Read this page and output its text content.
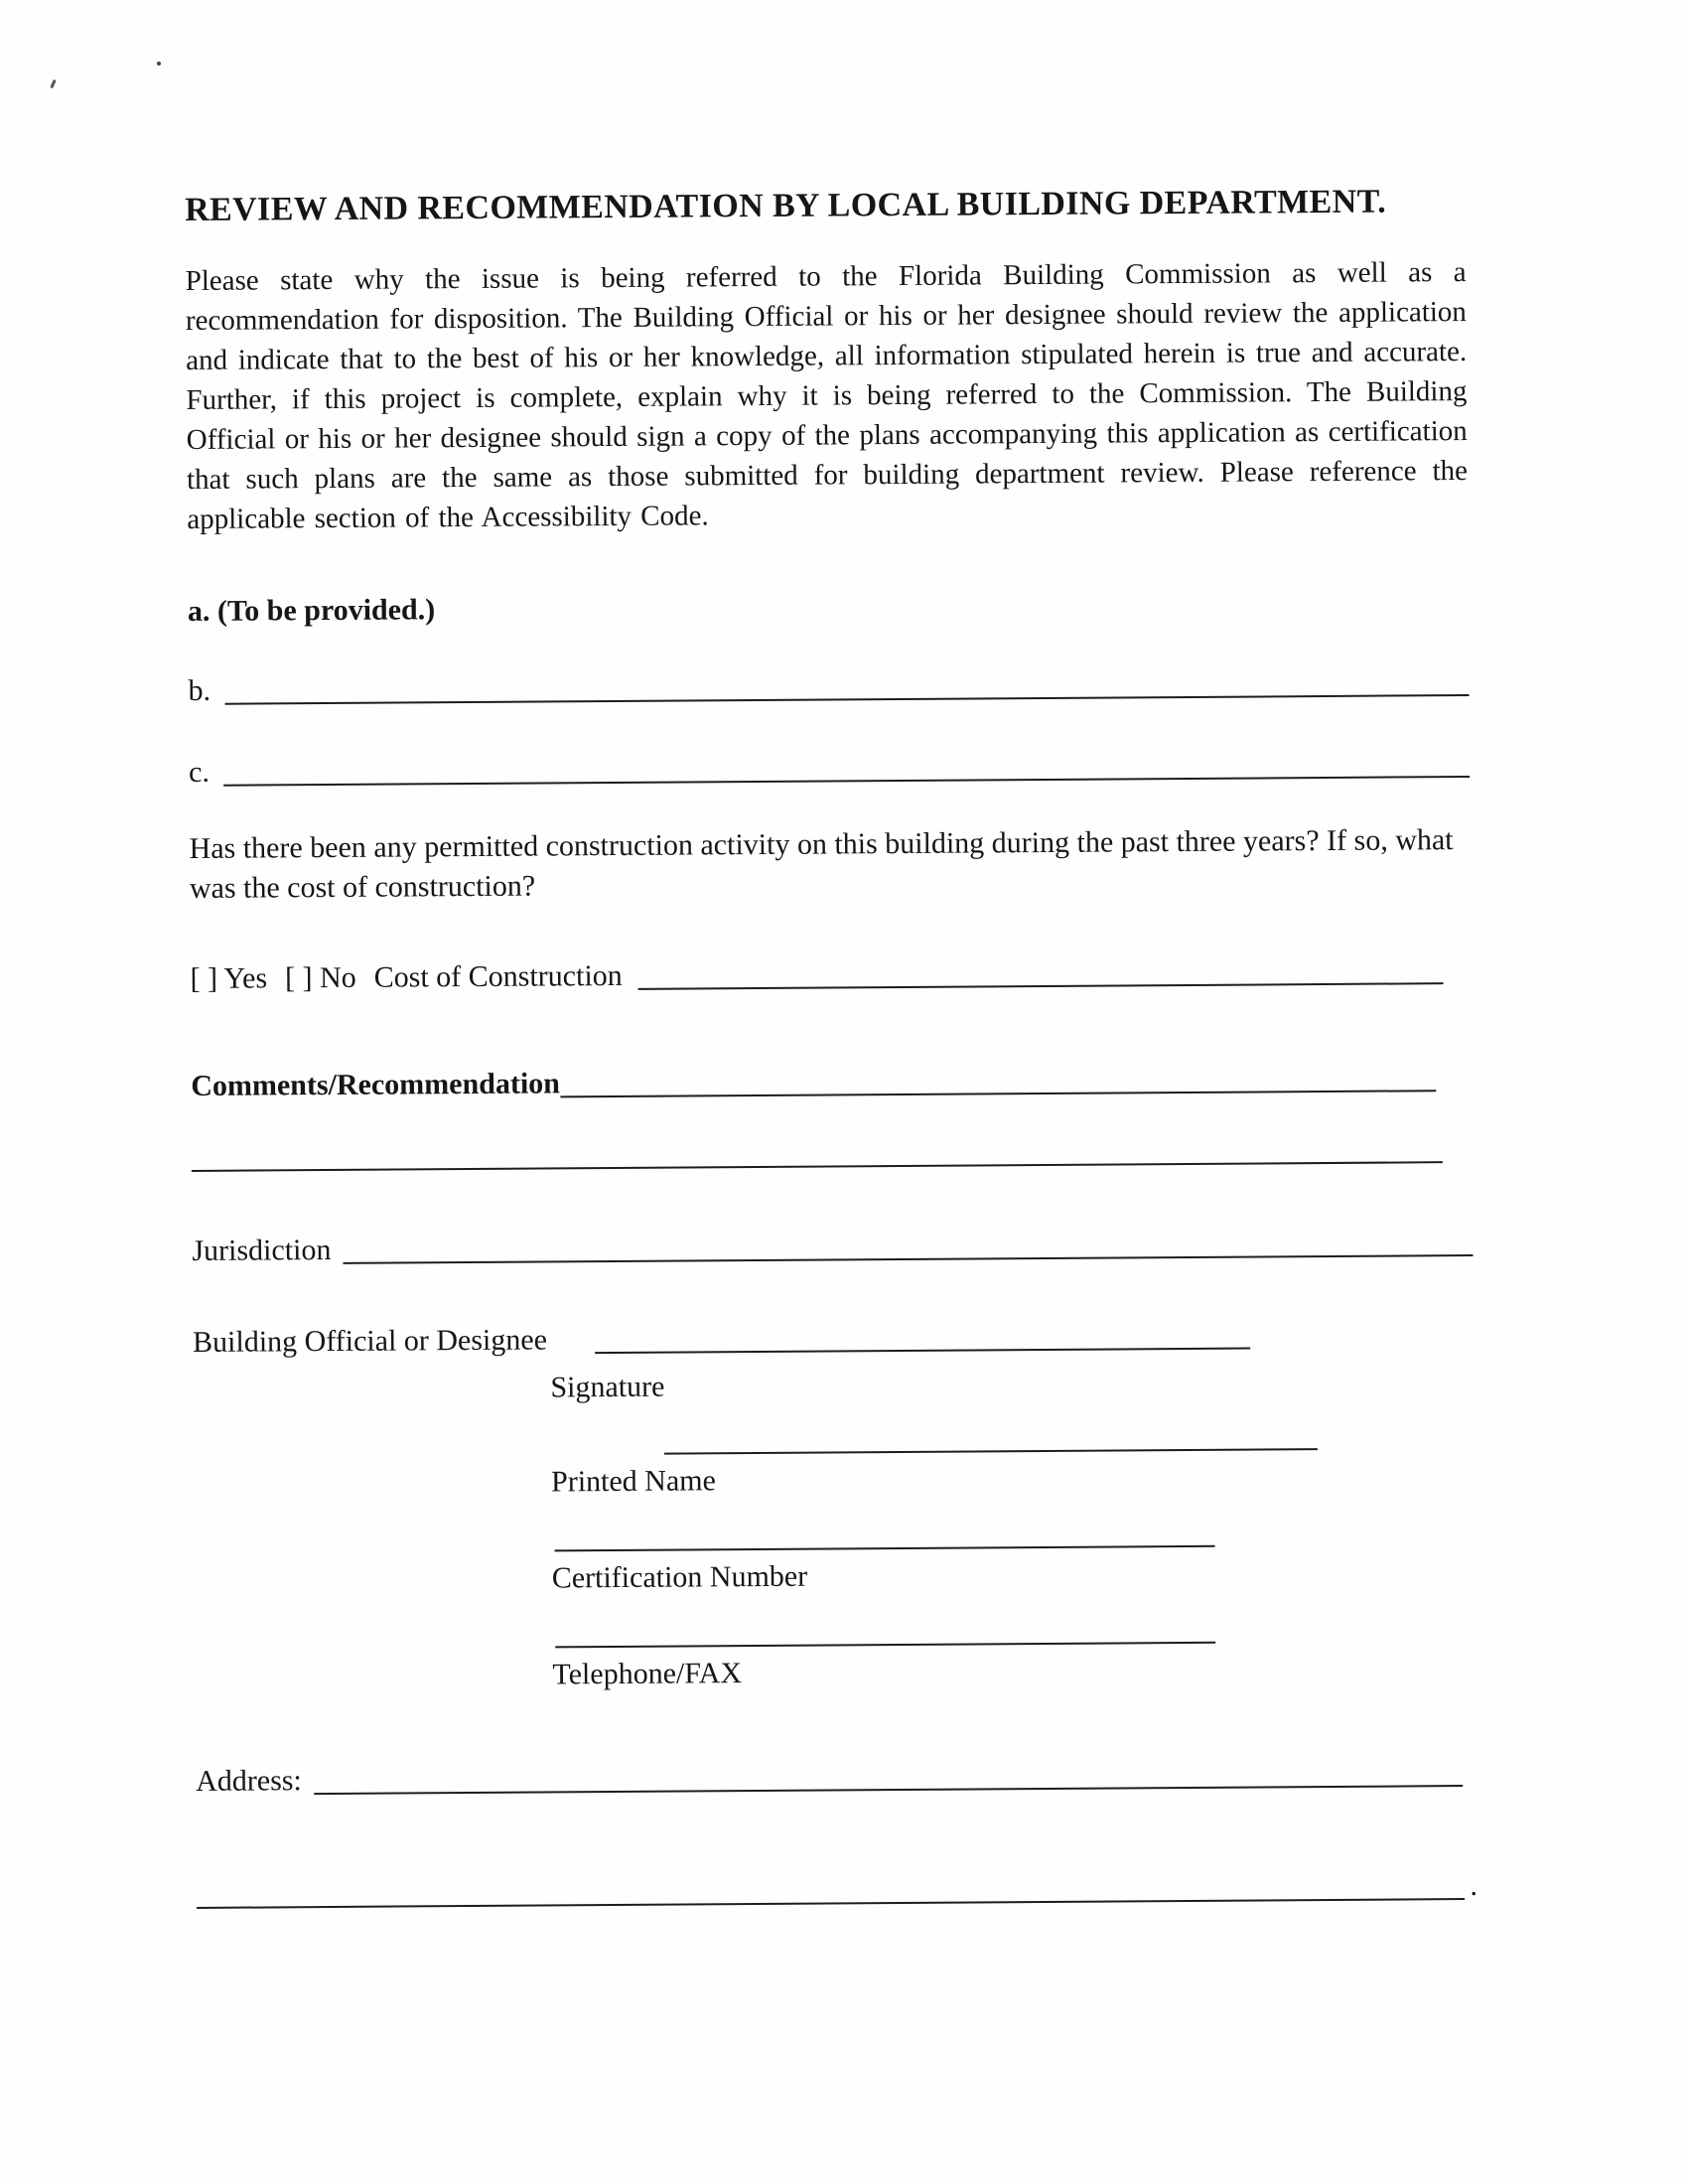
REVIEW AND RECOMMENDATION BY LOCAL BUILDING DEPARTMENT.
Please state why the issue is being referred to the Florida Building Commission as well as a recommendation for disposition. The Building Official or his or her designee should review the application and indicate that to the best of his or her knowledge, all information stipulated herein is true and accurate. Further, if this project is complete, explain why it is being referred to the Commission. The Building Official or his or her designee should sign a copy of the plans accompanying this application as certification that such plans are the same as those submitted for building department review. Please reference the applicable section of the Accessibility Code.
a. (To be provided.)
b.
c.
Has there been any permitted construction activity on this building during the past three years? If so, what was the cost of construction?
[ ] Yes [ ] No Cost of Construction
Comments/Recommendation
Jurisdiction
Building Official or Designee
Signature
Printed Name
Certification Number
Telephone/FAX
Address:
.
